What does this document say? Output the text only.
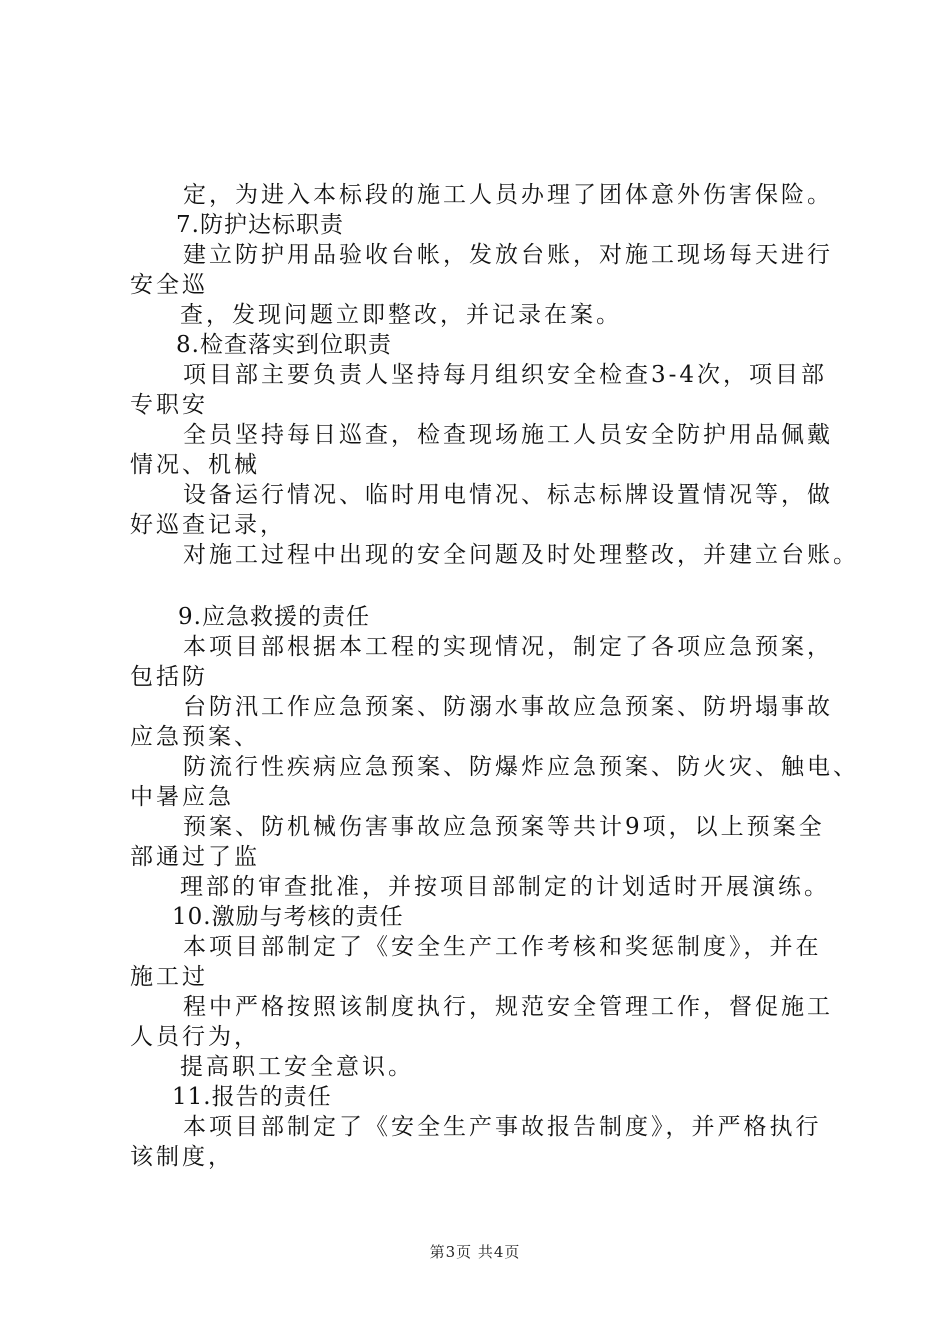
定，为进入本标段的施工人员办理了团体意外伤害保险。
7.防护达标职责
建立防护用品验收台帐，发放台账，对施工现场每天进行
安全巡
查，发现问题立即整改，并记录在案。
8.检查落实到位职责
项目部主要负责人坚持每月组织安全检查3-4次，项目部
专职安
全员坚持每日巡查，检查现场施工人员安全防护用品佩戴
情况、机械
设备运行情况、临时用电情况、标志标牌设置情况等，做
好巡查记录，
对施工过程中出现的安全问题及时处理整改，并建立台账。
9.应急救援的责任
本项目部根据本工程的实现情况，制定了各项应急预案，
包括防
台防汛工作应急预案、防溺水事故应急预案、防坍塌事故
应急预案、
防流行性疾病应急预案、防爆炸应急预案、防火灾、触电、
中暑应急
预案、防机械伤害事故应急预案等共计9项，以上预案全
部通过了监
理部的审查批准，并按项目部制定的计划适时开展演练。
10.激励与考核的责任
本项目部制定了《安全生产工作考核和奖惩制度》，并在
施工过
程中严格按照该制度执行，规范安全管理工作，督促施工
人员行为，
提高职工安全意识。
11.报告的责任
本项目部制定了《安全生产事故报告制度》，并严格执行
该制度，
第3页 共4页
